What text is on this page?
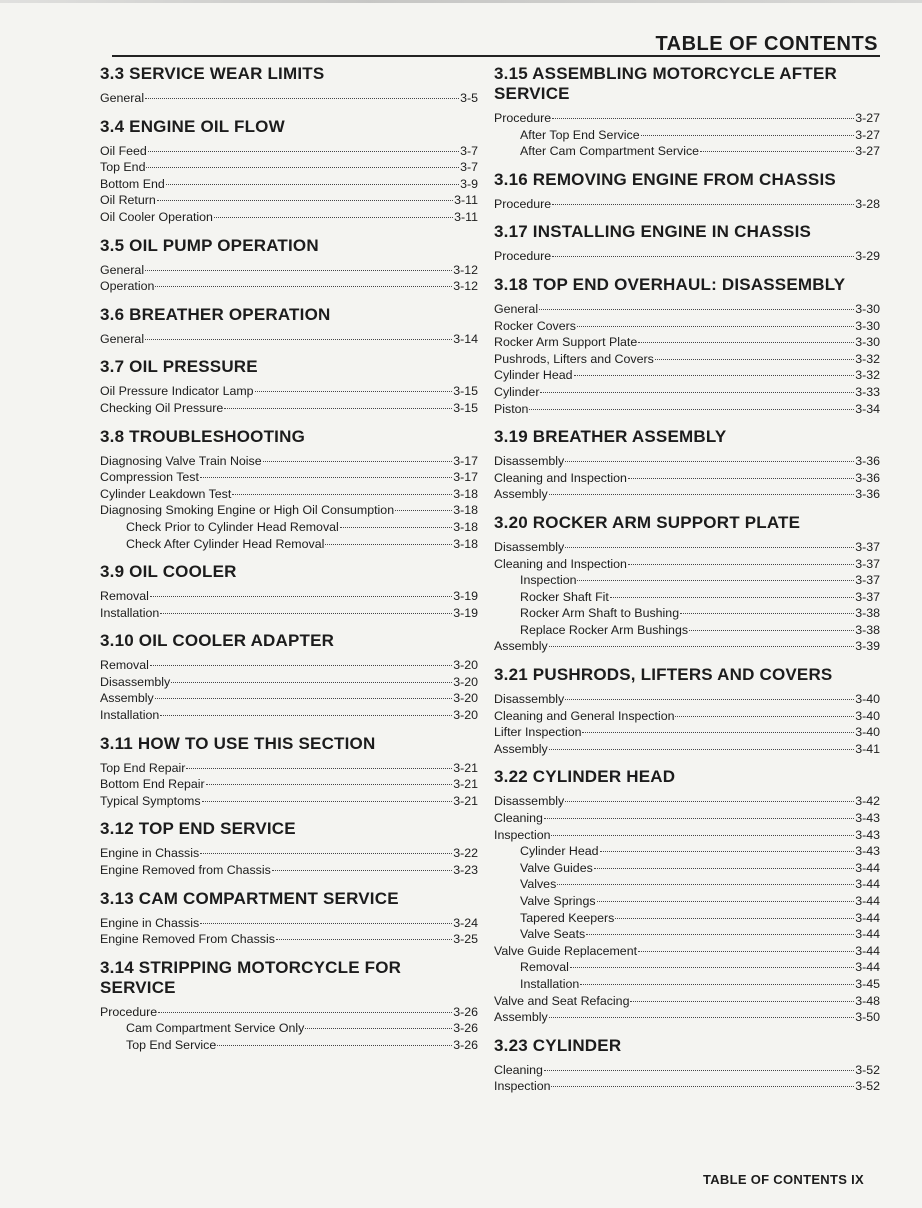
TABLE OF CONTENTS
3.3 SERVICE WEAR LIMITS
General	3-5
3.4 ENGINE OIL FLOW
Oil Feed	3-7
Top End	3-7
Bottom End	3-9
Oil Return	3-11
Oil Cooler Operation	3-11
3.5 OIL PUMP OPERATION
General	3-12
Operation	3-12
3.6 BREATHER OPERATION
General	3-14
3.7 OIL PRESSURE
Oil Pressure Indicator Lamp	3-15
Checking Oil Pressure	3-15
3.8 TROUBLESHOOTING
Diagnosing Valve Train Noise	3-17
Compression Test	3-17
Cylinder Leakdown Test	3-18
Diagnosing Smoking Engine or High Oil Consumption	3-18
Check Prior to Cylinder Head Removal	3-18
Check After Cylinder Head Removal	3-18
3.9 OIL COOLER
Removal	3-19
Installation	3-19
3.10 OIL COOLER ADAPTER
Removal	3-20
Disassembly	3-20
Assembly	3-20
Installation	3-20
3.11 HOW TO USE THIS SECTION
Top End Repair	3-21
Bottom End Repair	3-21
Typical Symptoms	3-21
3.12 TOP END SERVICE
Engine in Chassis	3-22
Engine Removed from Chassis	3-23
3.13 CAM COMPARTMENT SERVICE
Engine in Chassis	3-24
Engine Removed From Chassis	3-25
3.14 STRIPPING MOTORCYCLE FOR SERVICE
Procedure	3-26
Cam Compartment Service Only	3-26
Top End Service	3-26
3.15 ASSEMBLING MOTORCYCLE AFTER SERVICE
Procedure	3-27
After Top End Service	3-27
After Cam Compartment Service	3-27
3.16 REMOVING ENGINE FROM CHASSIS
Procedure	3-28
3.17 INSTALLING ENGINE IN CHASSIS
Procedure	3-29
3.18 TOP END OVERHAUL: DISASSEMBLY
General	3-30
Rocker Covers	3-30
Rocker Arm Support Plate	3-30
Pushrods, Lifters and Covers	3-32
Cylinder Head	3-32
Cylinder	3-33
Piston	3-34
3.19 BREATHER ASSEMBLY
Disassembly	3-36
Cleaning and Inspection	3-36
Assembly	3-36
3.20 ROCKER ARM SUPPORT PLATE
Disassembly	3-37
Cleaning and Inspection	3-37
Inspection	3-37
Rocker Shaft Fit	3-37
Rocker Arm Shaft to Bushing	3-38
Replace Rocker Arm Bushings	3-38
Assembly	3-39
3.21 PUSHRODS, LIFTERS AND COVERS
Disassembly	3-40
Cleaning and General Inspection	3-40
Lifter Inspection	3-40
Assembly	3-41
3.22 CYLINDER HEAD
Disassembly	3-42
Cleaning	3-43
Inspection	3-43
Cylinder Head	3-43
Valve Guides	3-44
Valves	3-44
Valve Springs	3-44
Tapered Keepers	3-44
Valve Seats	3-44
Valve Guide Replacement	3-44
Removal	3-44
Installation	3-45
Valve and Seat Refacing	3-48
Assembly	3-50
3.23 CYLINDER
Cleaning	3-52
Inspection	3-52
TABLE OF CONTENTS IX
